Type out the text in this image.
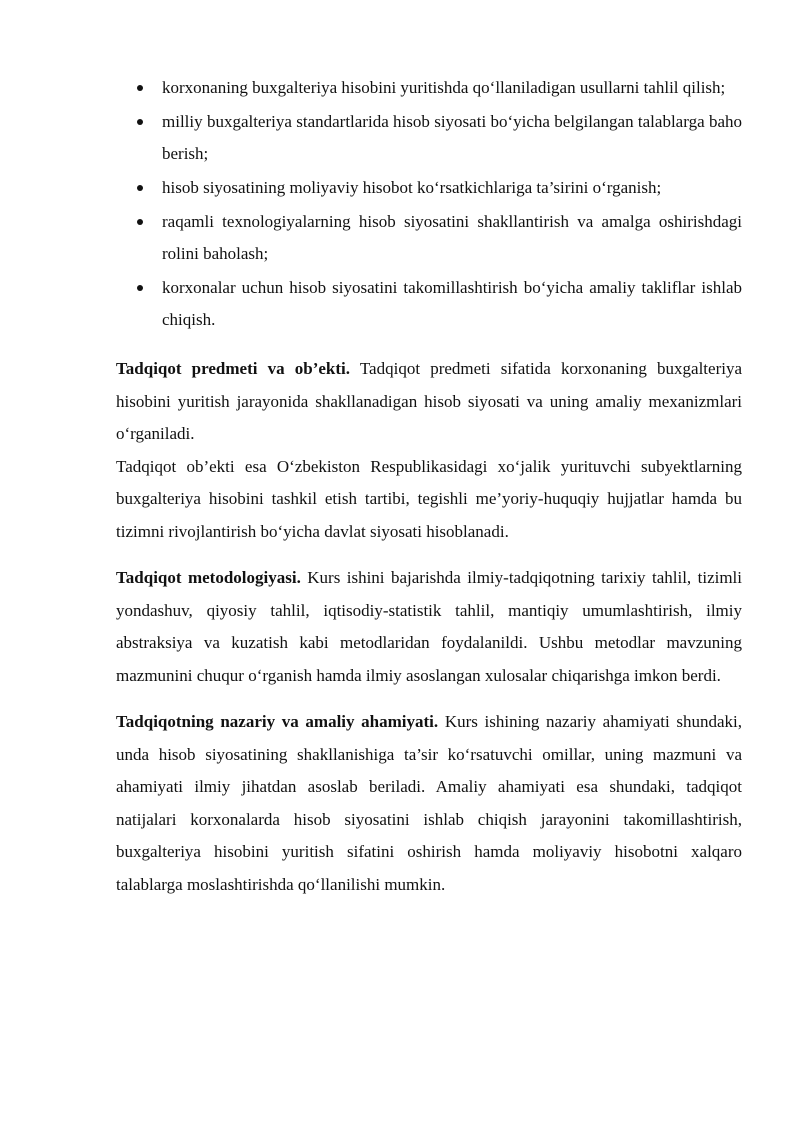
korxonaning buxgalteriya hisobini yuritishda qo‘llaniladigan usullarni tahlil qilish;
milliy buxgalteriya standartlarida hisob siyosati bo‘yicha belgilangan talablarga baho berish;
hisob siyosatining moliyaviy hisobot ko‘rsatkichlariga ta’sirini o‘rganish;
raqamli texnologiyalarning hisob siyosatini shakllantirish va amalga oshirishdagi rolini baholash;
korxonalar uchun hisob siyosatini takomillashtirish bo‘yicha amaliy takliflar ishlab chiqish.

Tadqiqot predmeti va ob’ekti. Tadqiqot predmeti sifatida korxonaning buxgalteriya hisobini yuritish jarayonida shakllanadigan hisob siyosati va uning amaliy mexanizmlari o‘rganiladi.
Tadqiqot ob’ekti esa O‘zbekiston Respublikasidagi xo‘jalik yurituvchi subyektlarning buxgalteriya hisobini tashkil etish tartibi, tegishli me’yoriy-huquqiy hujjatlar hamda bu tizimni rivojlantirish bo‘yicha davlat siyosati hisoblanadi.

Tadqiqot metodologiyasi. Kurs ishini bajarishda ilmiy-tadqiqotning tarixiy tahlil, tizimli yondashuv, qiyosiy tahlil, iqtisodiy-statistik tahlil, mantiqiy umumlashtirish, ilmiy abstraksiya va kuzatish kabi metodlaridan foydalanildi. Ushbu metodlar mavzuning mazmunini chuqur o‘rganish hamda ilmiy asoslangan xulosalar chiqarishga imkon berdi.

Tadqiqotning nazariy va amaliy ahamiyati. Kurs ishining nazariy ahamiyati shundaki, unda hisob siyosatining shakllanishiga ta’sir ko‘rsatuvchi omillar, uning mazmuni va ahamiyati ilmiy jihatdan asoslab beriladi. Amaliy ahamiyati esa shundaki, tadqiqot natijalari korxonalarda hisob siyosatini ishlab chiqish jarayonini takomillashtirish, buxgalteriya hisobini yuritish sifatini oshirish hamda moliyaviy hisobotni xalqaro talablarga moslashtirishda qo‘llanilishi mumkin.
